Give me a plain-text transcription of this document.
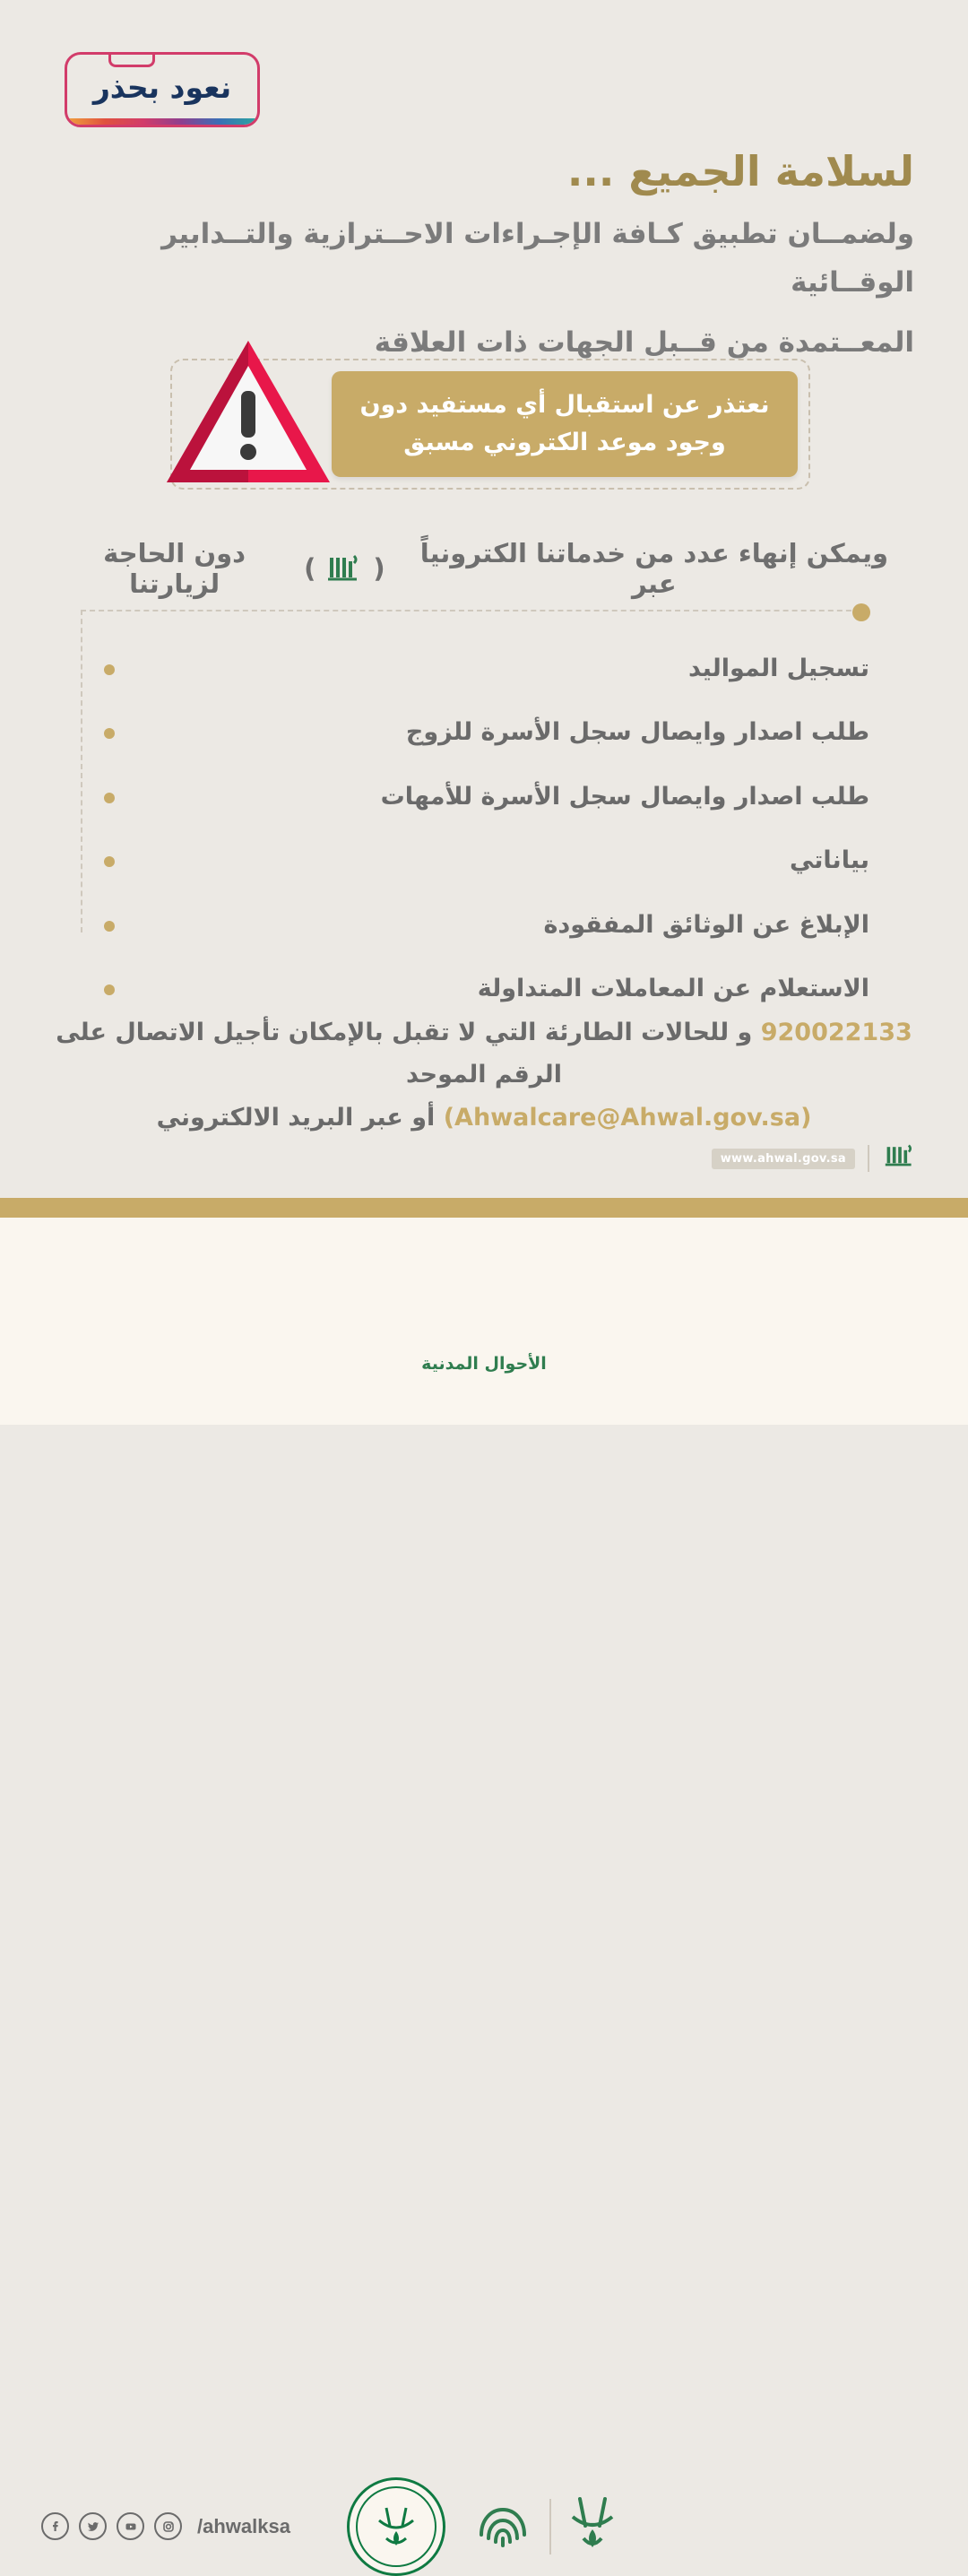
نعود بحذر
لسلامة الجميع ...

ولضمــان تطبيق كـافة الإجـراءات الاحــترازية والتــدابير الوقــائية

المعــتمدة من قــبل الجهات ذات العلاقة

نعتذر عن استقبال أي مستفيد دون وجود موعد الكتروني مسبق
ويمكن إنهاء عدد من خدماتنا الكترونياً عبر
(
)
دون الحاجة لزيارتنا
تسجيل المواليد
طلب اصدار وايصال سجل الأسرة للزوج
طلب اصدار وايصال سجل الأسرة للأمهات
بياناتي
الإبلاغ عن الوثائق المفقودة
الاستعلام عن المعاملات المتداولة
920022133 و للحالات الطارئة التي لا تقبل بالإمكان تأجيل الاتصال على الرقم الموحد
(Ahwalcare@Ahwal.gov.sa) أو عبر البريد الالكتروني
www.ahwal.gov.sa
/ahwalksa
الأحوال المدنية
